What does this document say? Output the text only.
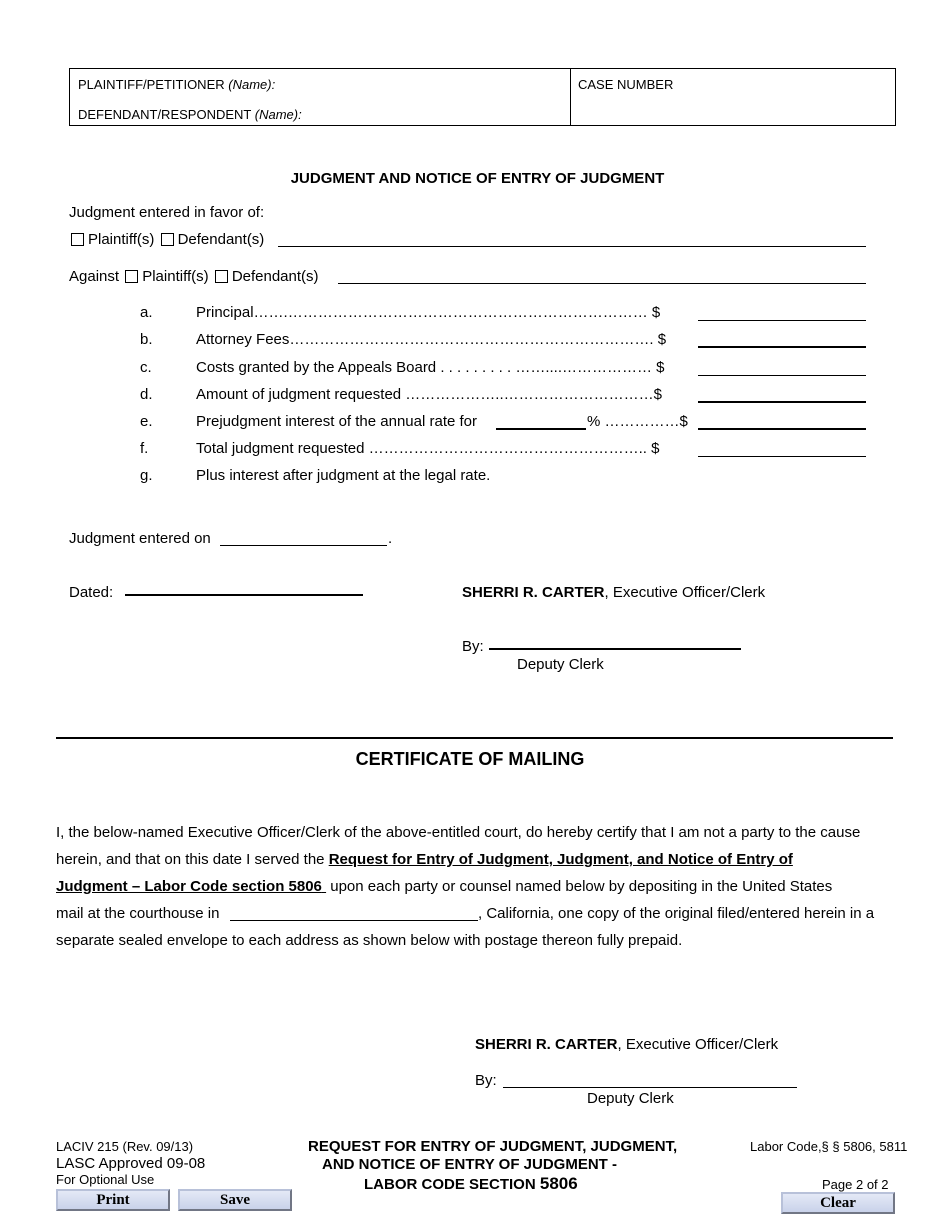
PLAINTIFF/PETITIONER (Name):
DEFENDANT/RESPONDENT (Name):
CASE NUMBER
JUDGMENT AND NOTICE OF ENTRY OF JUDGMENT
Judgment entered in favor of:
Plaintiff(s) Defendant(s)
Against Plaintiff(s) Defendant(s)
a.	Principal…….……………………………………………………………… $
b.	Attorney Fees………………………………………………………………. $
c.	Costs granted by the Appeals Board . . . . . . . . . ……....……………… $
d.	Amount of judgment requested ………………..…………………………$
e.	Prejudgment interest of the annual rate for	% ……………$
f.	Total judgment requested ……………………………………………….. $
g.	Plus interest after judgment at the legal rate.
Judgment entered on	.
Dated:	SHERRI R. CARTER, Executive Officer/Clerk
By:
Deputy Clerk
CERTIFICATE OF MAILING
I, the below-named Executive Officer/Clerk of the above-entitled court, do hereby certify that I am not a party to the cause
herein, and that on this date I served the Request for Entry of Judgment, Judgment, and Notice of Entry of
Judgment – Labor Code section 5806 upon each party or counsel named below by depositing in the United States
mail at the courthouse in	, California, one copy of the original filed/entered herein in a
separate sealed envelope to each address as shown below with postage thereon fully prepaid.
SHERRI R. CARTER, Executive Officer/Clerk
By:
Deputy Clerk
LACIV 215 (Rev. 09/13)
LASC Approved 09-08
For Optional Use
REQUEST FOR ENTRY OF JUDGMENT, JUDGMENT,
AND NOTICE OF ENTRY OF JUDGMENT -
LABOR CODE SECTION 5806
Labor Code,§ § 5806, 5811
Page 2 of 2
Print	Save	Clear
